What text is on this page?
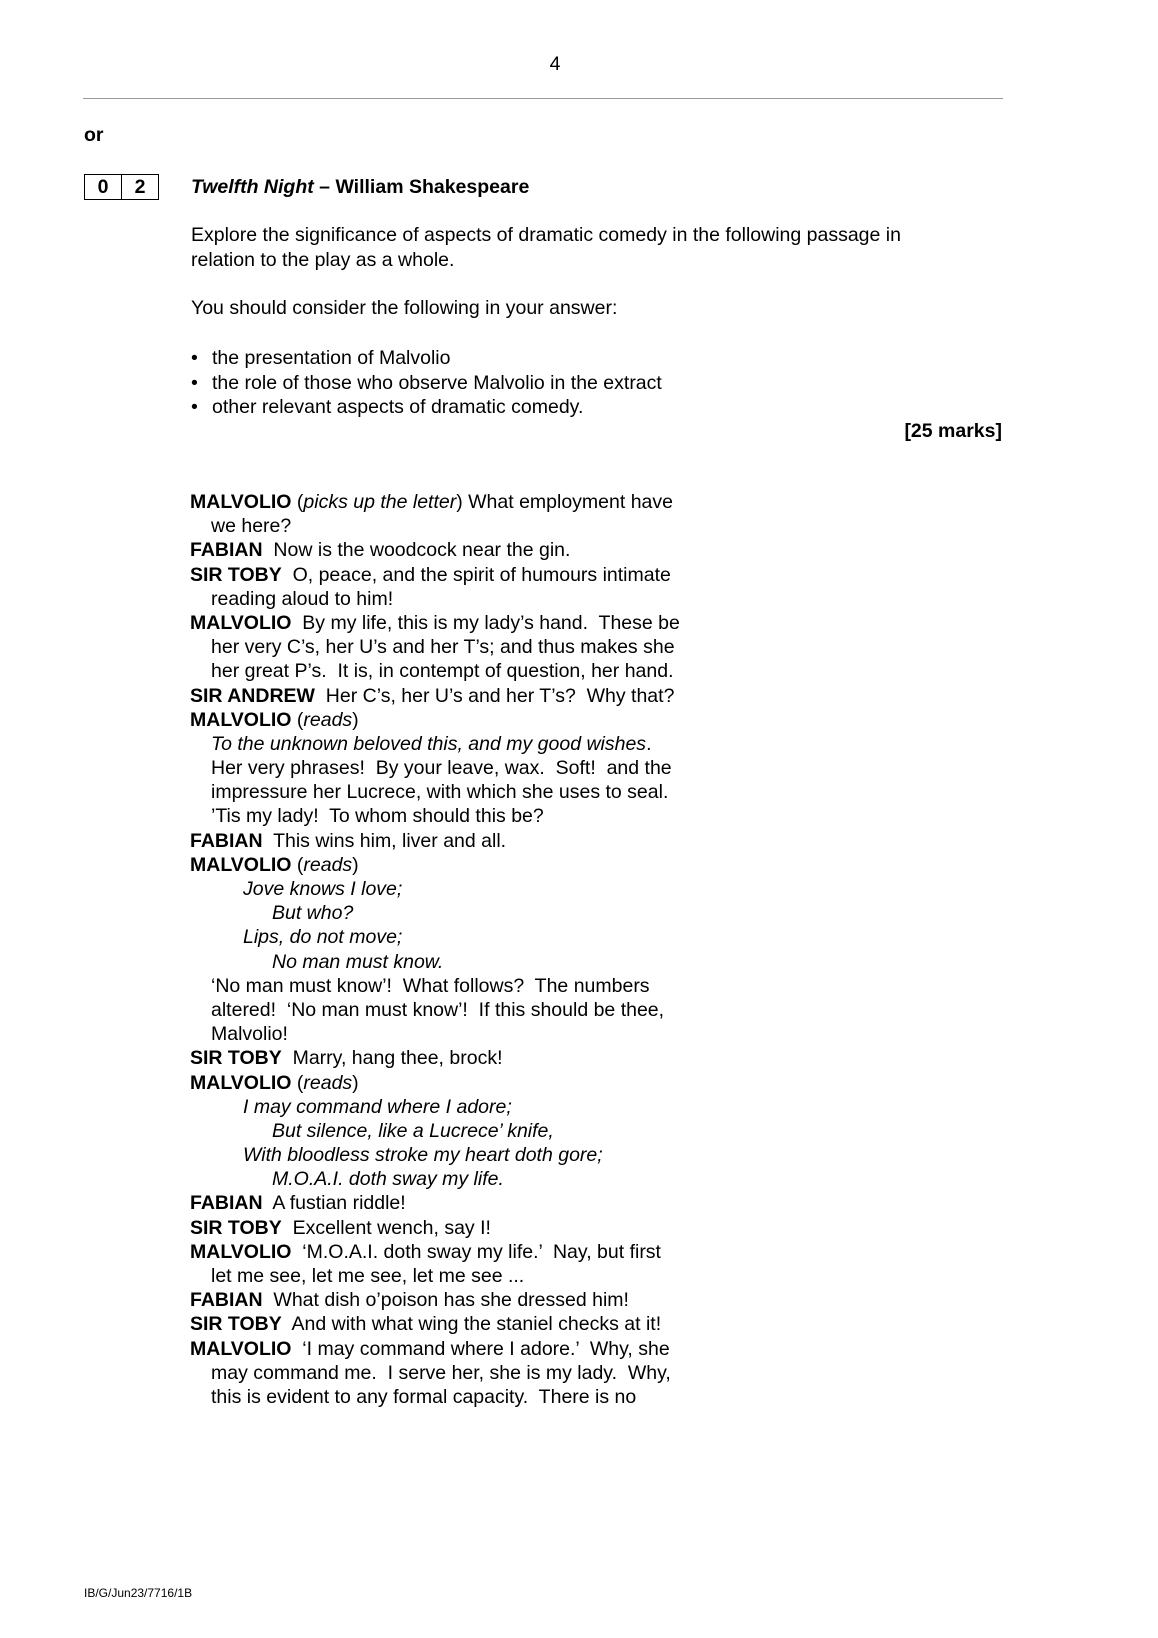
4
or
0	2	Twelfth Night – William Shakespeare
Explore the significance of aspects of dramatic comedy in the following passage in
relation to the play as a whole.
You should consider the following in your answer:
• the presentation of Malvolio
• the role of those who observe Malvolio in the extract
• other relevant aspects of dramatic comedy.
[25 marks]
MALVOLIO (picks up the letter) What employment have
we here?
FABIAN  Now is the woodcock near the gin.
SIR TOBY  O, peace, and the spirit of humours intimate
reading aloud to him!
MALVOLIO  By my life, this is my lady’s hand.  These be
her very C’s, her U’s and her T’s; and thus makes she
her great P’s.  It is, in contempt of question, her hand.
SIR ANDREW  Her C’s, her U’s and her T’s?  Why that?
MALVOLIO (reads)
To the unknown beloved this, and my good wishes.
Her very phrases!  By your leave, wax.  Soft!  and the
impressure her Lucrece, with which she uses to seal.
’Tis my lady!  To whom should this be?
FABIAN  This wins him, liver and all.
MALVOLIO (reads)
Jove knows I love;
But who?
Lips, do not move;
No man must know.
‘No man must know’!  What follows?  The numbers
altered!  ‘No man must know’!  If this should be thee,
Malvolio!
SIR TOBY  Marry, hang thee, brock!
MALVOLIO (reads)
I may command where I adore;
But silence, like a Lucrece’ knife,
With bloodless stroke my heart doth gore;
M.O.A.I. doth sway my life.
FABIAN  A fustian riddle!
SIR TOBY  Excellent wench, say I!
MALVOLIO  ‘M.O.A.I. doth sway my life.’  Nay, but first
let me see, let me see, let me see ...
FABIAN  What dish o’poison has she dressed him!
SIR TOBY  And with what wing the staniel checks at it!
MALVOLIO  ‘I may command where I adore.’  Why, she
may command me.  I serve her, she is my lady.  Why,
this is evident to any formal capacity.  There is no
IB/G/Jun23/7716/1B
